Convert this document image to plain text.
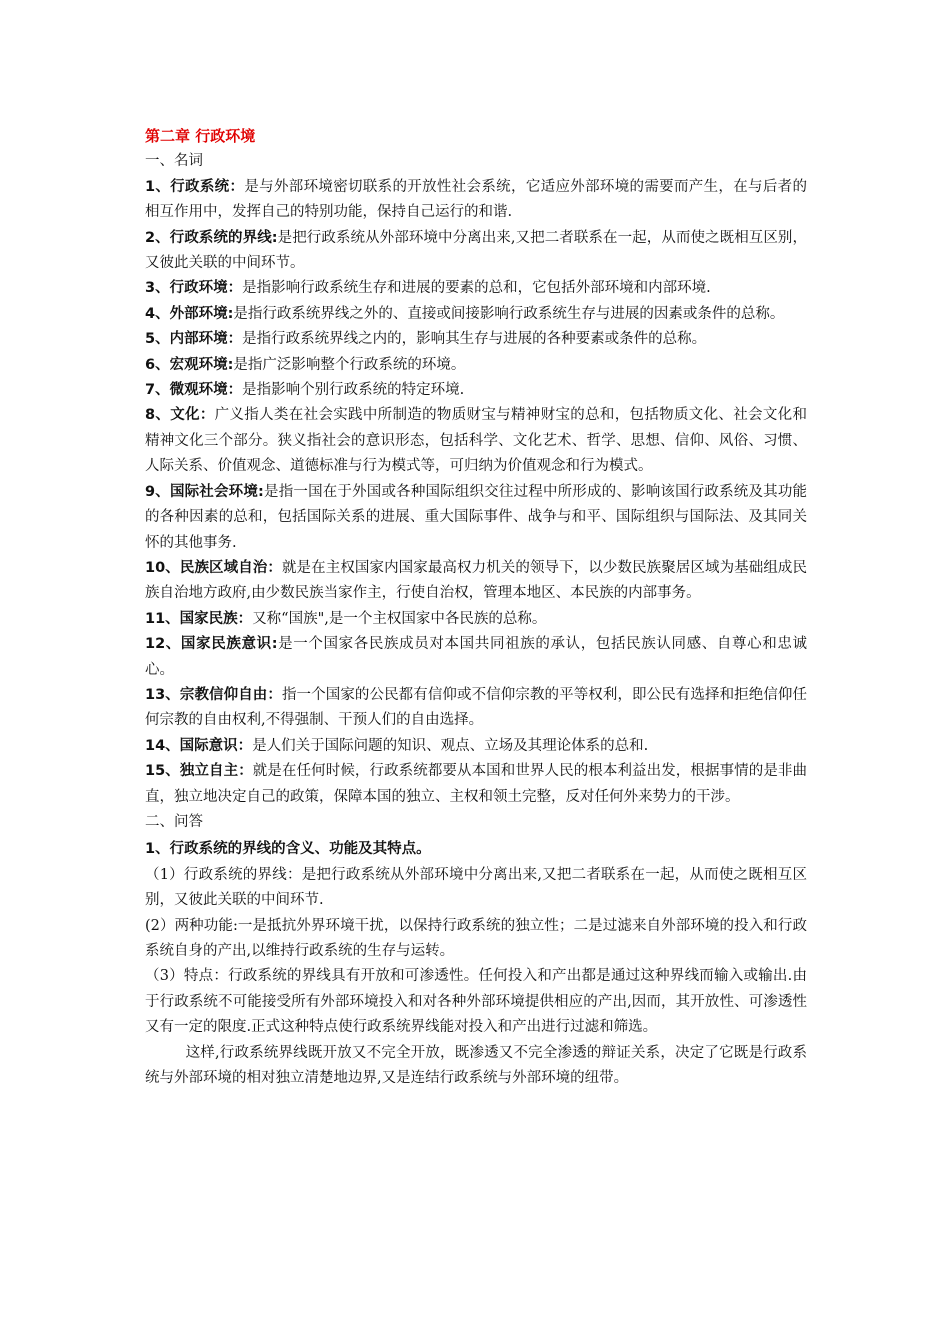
第二章 行政环境

一、名词

1、行政系统：是与外部环境密切联系的开放性社会系统，它适应外部环境的需要而产生，在与后者的相互作用中，发挥自己的特别功能，保持自己运行的和谐.

2、行政系统的界线:是把行政系统从外部环境中分离出来,又把二者联系在一起，从而使之既相互区别，又彼此关联的中间环节。

3、行政环境：是指影响行政系统生存和进展的要素的总和，它包括外部环境和内部环境.

4、外部环境:是指行政系统界线之外的、直接或间接影响行政系统生存与进展的因素或条件的总称。

5、内部环境：是指行政系统界线之内的，影响其生存与进展的各种要素或条件的总称。

6、宏观环境:是指广泛影响整个行政系统的环境。

7、微观环境：是指影响个别行政系统的特定环境.

8、文化：广义指人类在社会实践中所制造的物质财宝与精神财宝的总和，包括物质文化、社会文化和精神文化三个部分。狭义指社会的意识形态，包括科学、文化艺术、哲学、思想、信仰、风俗、习惯、人际关系、价值观念、道德标准与行为模式等，可归纳为价值观念和行为模式。

9、国际社会环境:是指一国在于外国或各种国际组织交往过程中所形成的、影响该国行政系统及其功能的各种因素的总和，包括国际关系的进展、重大国际事件、战争与和平、国际组织与国际法、及其同关怀的其他事务.

10、民族区域自治：就是在主权国家内国家最高权力机关的领导下，以少数民族聚居区域为基础组成民族自治地方政府,由少数民族当家作主，行使自治权，管理本地区、本民族的内部事务。

11、国家民族：又称“国族",是一个主权国家中各民族的总称。

12、国家民族意识:是一个国家各民族成员对本国共同祖族的承认，包括民族认同感、自尊心和忠诚心。

13、宗教信仰自由：指一个国家的公民都有信仰或不信仰宗教的平等权利，即公民有选择和拒绝信仰任何宗教的自由权利,不得强制、干预人们的自由选择。

14、国际意识：是人们关于国际问题的知识、观点、立场及其理论体系的总和.

15、独立自主：就是在任何时候，行政系统都要从本国和世界人民的根本利益出发，根据事情的是非曲直，独立地决定自己的政策，保障本国的独立、主权和领土完整，反对任何外来势力的干涉。

二、问答

1、行政系统的界线的含义、功能及其特点。

（1）行政系统的界线：是把行政系统从外部环境中分离出来,又把二者联系在一起，从而使之既相互区别，又彼此关联的中间环节.

(2）两种功能:一是抵抗外界环境干扰，以保持行政系统的独立性；二是过滤来自外部环境的投入和行政系统自身的产出,以维持行政系统的生存与运转。

（3）特点：行政系统的界线具有开放和可渗透性。任何投入和产出都是通过这种界线而输入或输出.由于行政系统不可能接受所有外部环境投入和对各种外部环境提供相应的产出,因而，其开放性、可渗透性又有一定的限度.正式这种特点使行政系统界线能对投入和产出进行过滤和筛选。

这样,行政系统界线既开放又不完全开放，既渗透又不完全渗透的辩证关系，决定了它既是行政系统与外部环境的相对独立清楚地边界,又是连结行政系统与外部环境的纽带。
